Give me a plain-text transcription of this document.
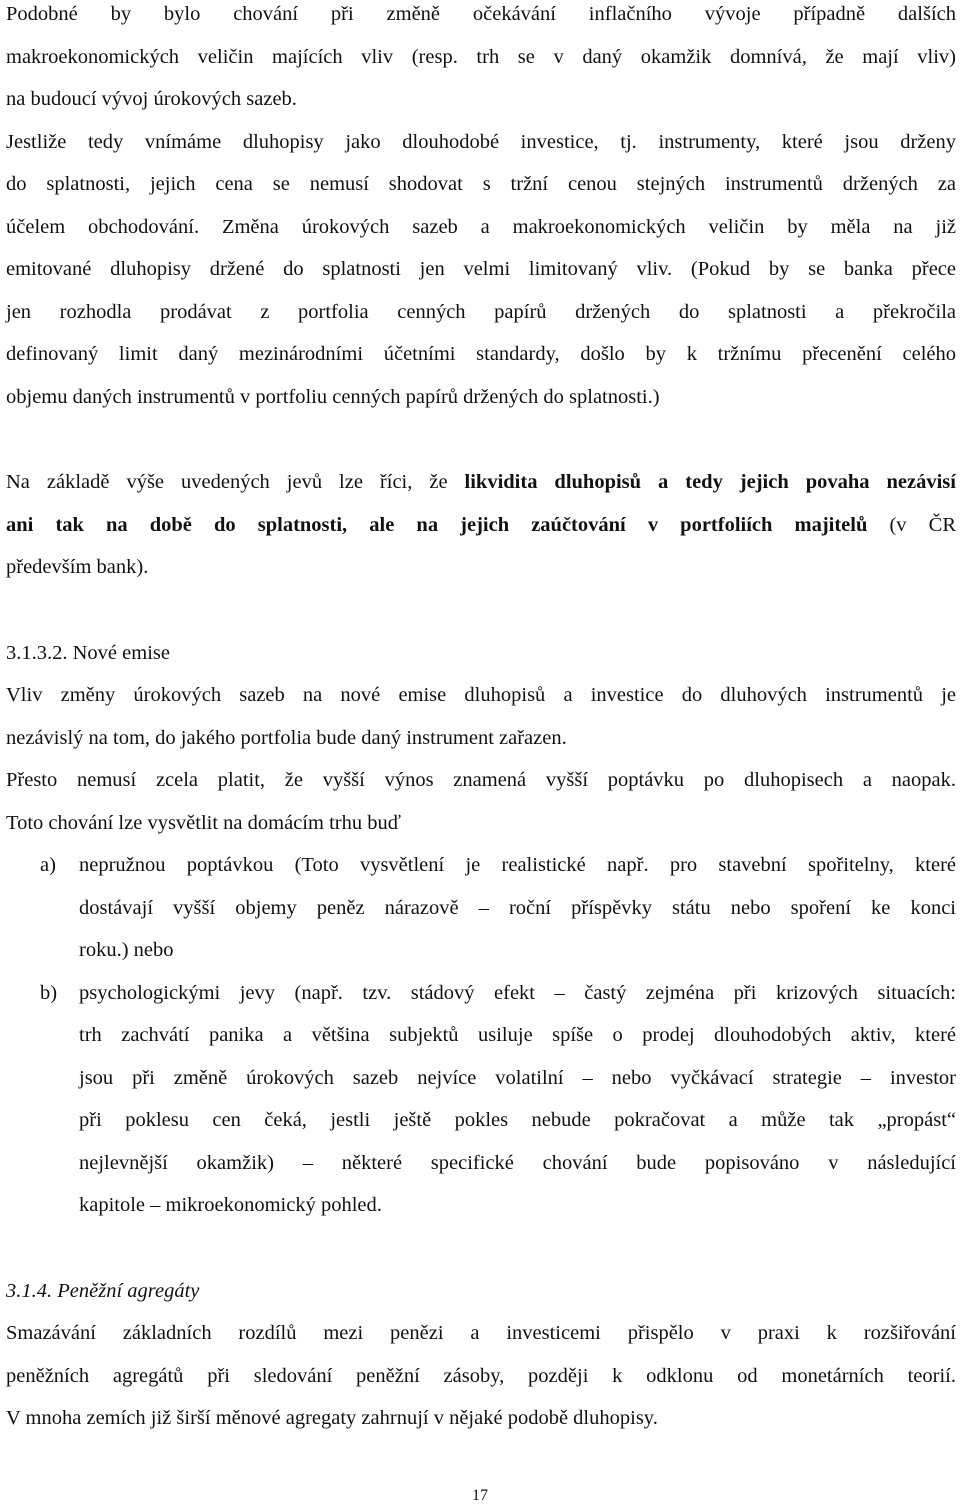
Podobné by bylo chování při změně očekávání inflačního vývoje případně dalších
makroekonomických veličin majících vliv (resp. trh se v daný okamžik domnívá, že mají vliv)
na budoucí vývoj úrokových sazeb.
Jestliže tedy vnímáme dluhopisy jako dlouhodobé investice, tj. instrumenty, které jsou drženy
do splatnosti, jejich cena se nemusí shodovat s tržní cenou stejných instrumentů držených za
účelem obchodování. Změna úrokových sazeb a makroekonomických veličin by měla na již
emitované dluhopisy držené do splatnosti jen velmi limitovaný vliv. (Pokud by se banka přece
jen rozhodla prodávat z portfolia cenných papírů držených do splatnosti a překročila
definovaný limit daný mezinárodními účetními standardy, došlo by k tržnímu přecenění celého
objemu daných instrumentů v portfoliu cenných papírů držených do splatnosti.)
Na základě výše uvedených jevů lze říci, že likvidita dluhopisů a tedy jejich povaha nezávisí
ani tak na době do splatnosti, ale na jejich zaúčtování v portfoliích majitelů (v ČR
především bank).
3.1.3.2. Nové emise
Vliv změny úrokových sazeb na nové emise dluhopisů a investice do dluhových instrumentů je
nezávislý na tom, do jakého portfolia bude daný instrument zařazen.
Přesto nemusí zcela platit, že vyšší výnos znamená vyšší poptávku po dluhopisech a naopak.
Toto chování lze vysvětlit na domácím trhu buď
a) nepružnou poptávkou (Toto vysvětlení je realistické např. pro stavební spořitelny, které
dostávají vyšší objemy peněz nárazově – roční příspěvky státu nebo spoření ke konci
roku.) nebo
b) psychologickými jevy (např. tzv. stádový efekt – častý zejména při krizových situacích:
trh zachvátí panika a většina subjektů usiluje spíše o prodej dlouhodobých aktiv, které
jsou při změně úrokových sazeb nejvíce volatilní – nebo vyčkávací strategie – investor
při poklesu cen čeká, jestli ještě pokles nebude pokračovat a může tak „propást“
nejlevnější okamžik) – některé specifické chování bude popisováno v následující
kapitole – mikroekonomický pohled.
3.1.4. Peněžní agregáty
Smazávání základních rozdílů mezi penězi a investicemi přispělo v praxi k rozšiřování
peněžních agregátů při sledování peněžní zásoby, později k odklonu od monetárních teorií.
V mnoha zemích již širší měnové agregaty zahrnují v nějaké podobě dluhopisy.
17
